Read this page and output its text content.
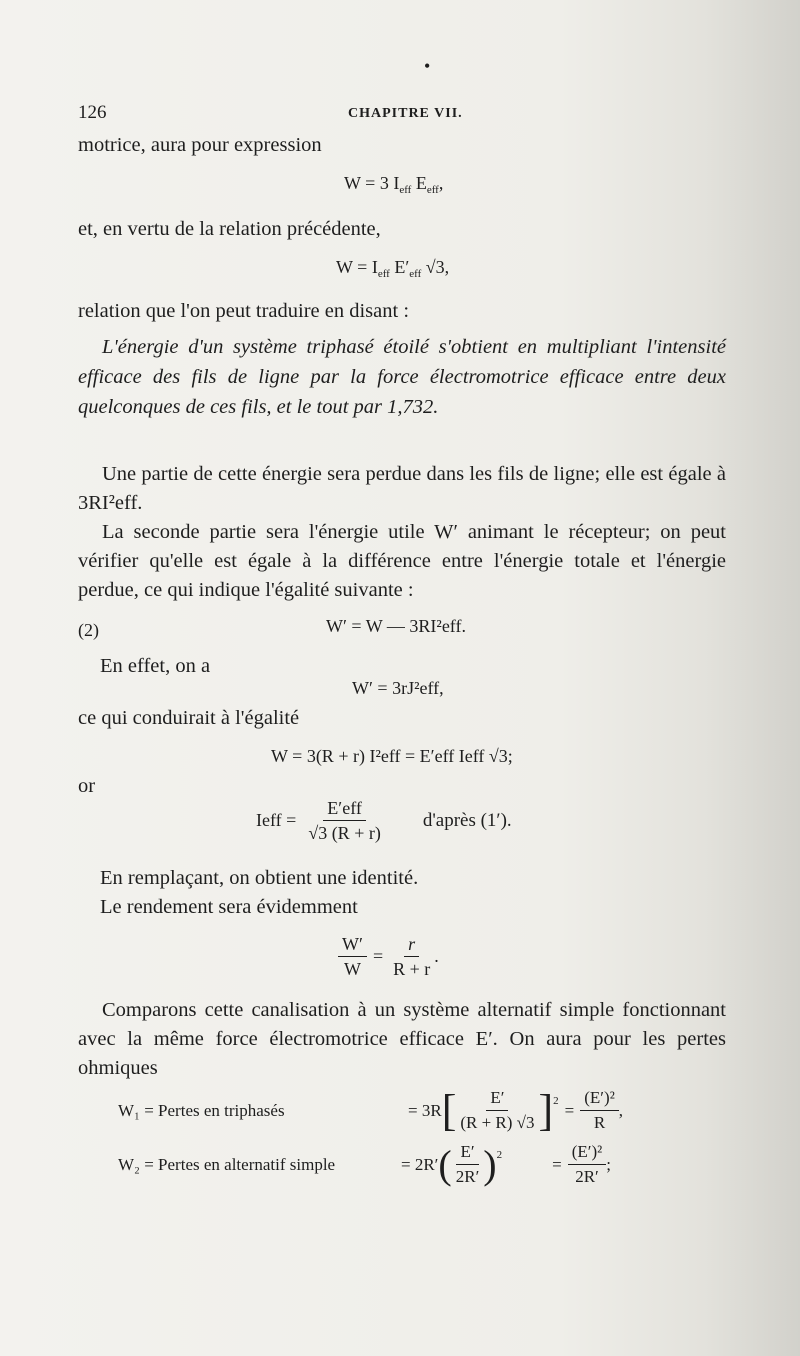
•
126	CHAPITRE VII.
motrice, aura pour expression
W = 3 $I_{eff}$ $E_{eff}$,
et, en vertu de la relation précédente,
$W = I_{eff}$ $E'_{eff}$ √3,
relation que l'on peut traduire en disant :
L'énergie d'un système triphasé étoilé s'obtient en multipliant l'intensité efficace des fils de ligne par la force électromotrice efficace entre deux quelconques de ces fils, et le tout par 1,732.
Une partie de cette énergie sera perdue dans les fils de ligne; elle est égale à 3RI²eff.
La seconde partie sera l'énergie utile W′ animant le récepteur; on peut vérifier qu'elle est égale à la différence entre l'énergie totale et l'énergie perdue, ce qui indique l'égalité suivante :
(2)	W′ = W — 3RI²eff.
En effet, on a
W′ = 3rJ²eff,
ce qui conduirait à l'égalité
W = 3(R + r) I²eff = E′eff Ieff √3;
or
Ieff = $\frac{\text{E′eff}}{√3 (R + r)}$ d'après (1′).
En remplaçant, on obtient une identité.
Le rendement sera évidemment
$\frac{W'}{W} = \frac{r}{R + r}$ .
Comparons cette canalisation à un système alternatif simple fonctionnant avec la même force électromotrice efficace E′. On aura pour les pertes ohmiques
W₁ = Pertes en triphasés	= 3R [ $\frac{E'}{(R + R) √3} ]^2 = \frac{\text{(E′)²}}{R}$ ,
W₂ = Pertes en alternatif simple	= 2R′ ( $\frac{E'}{2R'} )^2$	= $\frac{\text{(E′)²}}{2R'}$ ;
